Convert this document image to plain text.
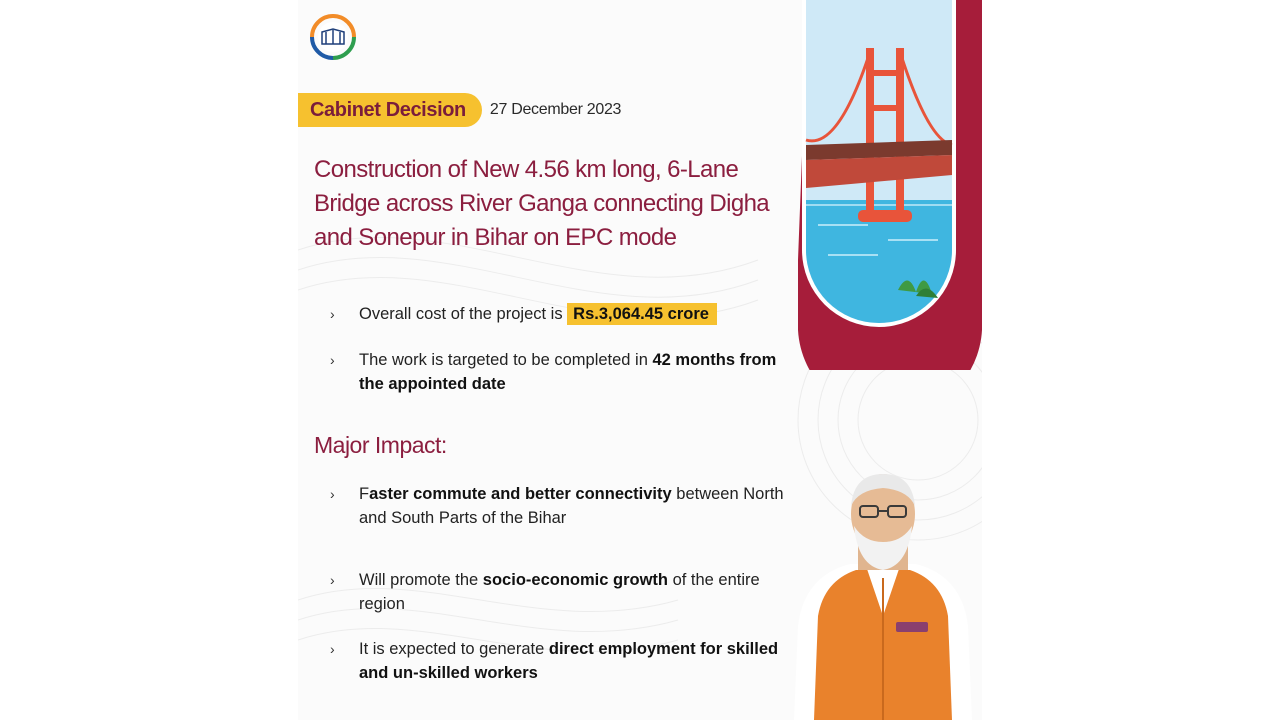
Cabinet Decision	27 December 2023
Construction of New 4.56 km long, 6-Lane Bridge across River Ganga connecting Digha and Sonepur in Bihar on EPC mode
› Overall cost of the project is Rs.3,064.45 crore
› The work is targeted to be completed in 42 months from the appointed date
Major Impact:
› Faster commute and better connectivity between North and South Parts of the Bihar
› Will promote the socio-economic growth of the entire region
› It is expected to generate direct employment for skilled and un-skilled workers
